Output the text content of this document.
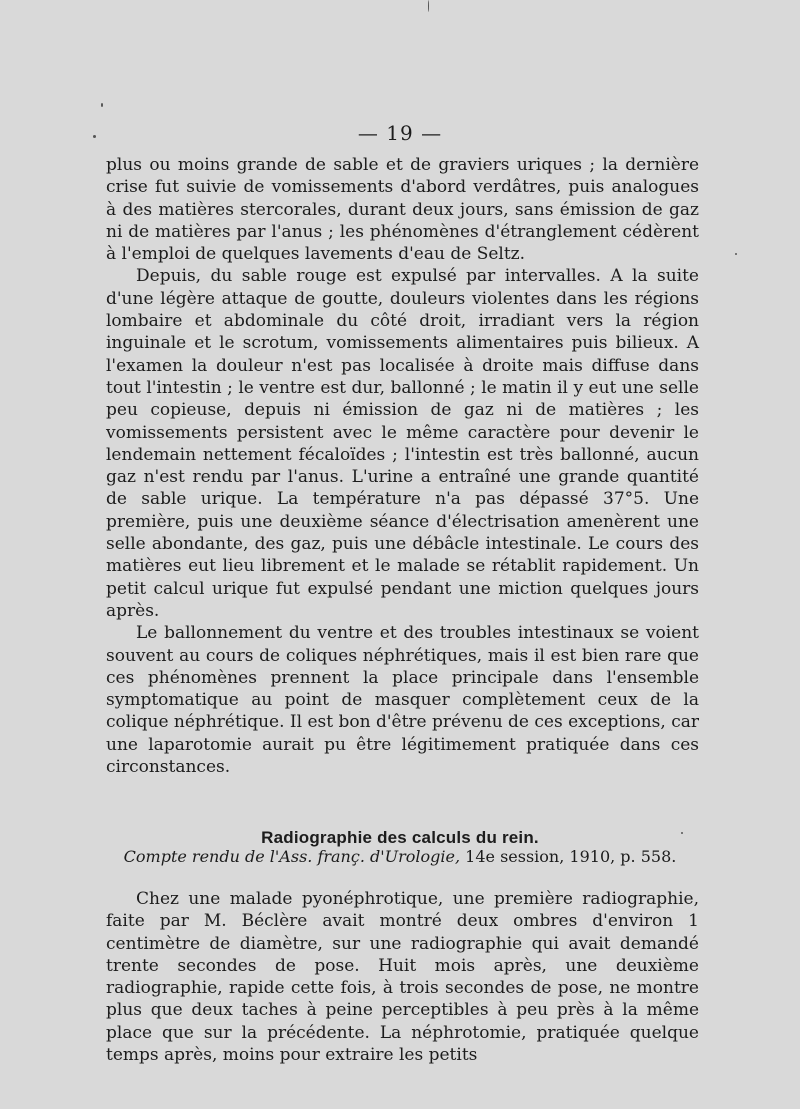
— 19 —

plus ou moins grande de sable et de graviers uriques ; la dernière crise fut suivie de vomissements d'abord verdâtres, puis analogues à des matières stercorales, durant deux jours, sans émission de gaz ni de matières par l'anus ; les phénomènes d'étranglement cédèrent à l'emploi de quelques lavements d'eau de Seltz.

Depuis, du sable rouge est expulsé par intervalles. A la suite d'une légère attaque de goutte, douleurs violentes dans les régions lombaire et abdominale du côté droit, irradiant vers la région inguinale et le scrotum, vomissements alimentaires puis bilieux. A l'examen la douleur n'est pas localisée à droite mais diffuse dans tout l'intestin ; le ventre est dur, ballonné ; le matin il y eut une selle peu copieuse, depuis ni émission de gaz ni de matières ; les vomissements persistent avec le même caractère pour devenir le lendemain nettement fécaloïdes ; l'intestin est très ballonné, aucun gaz n'est rendu par l'anus. L'urine a entraîné une grande quantité de sable urique. La température n'a pas dépassé 37°5. Une première, puis une deuxième séance d'électrisation amenèrent une selle abondante, des gaz, puis une débâcle intestinale. Le cours des matières eut lieu librement et le malade se rétablit rapidement. Un petit calcul urique fut expulsé pendant une miction quelques jours après.

Le ballonnement du ventre et des troubles intestinaux se voient souvent au cours de coliques néphrétiques, mais il est bien rare que ces phénomènes prennent la place principale dans l'ensemble symptomatique au point de masquer complètement ceux de la colique néphrétique. Il est bon d'être prévenu de ces exceptions, car une laparotomie aurait pu être légitimement pratiquée dans ces circonstances.

Radiographie des calculs du rein.
Compte rendu de l'Ass. franç. d'Urologie, 14e session, 1910, p. 558.

Chez une malade pyonéphrotique, une première radiographie, faite par M. Béclère avait montré deux ombres d'environ 1 centimètre de diamètre, sur une radiographie qui avait demandé trente secondes de pose. Huit mois après, une deuxième radiographie, rapide cette fois, à trois secondes de pose, ne montre plus que deux taches à peine perceptibles à peu près à la même place que sur la précédente. La néphrotomie, pratiquée quelque temps après, moins pour extraire les petits
